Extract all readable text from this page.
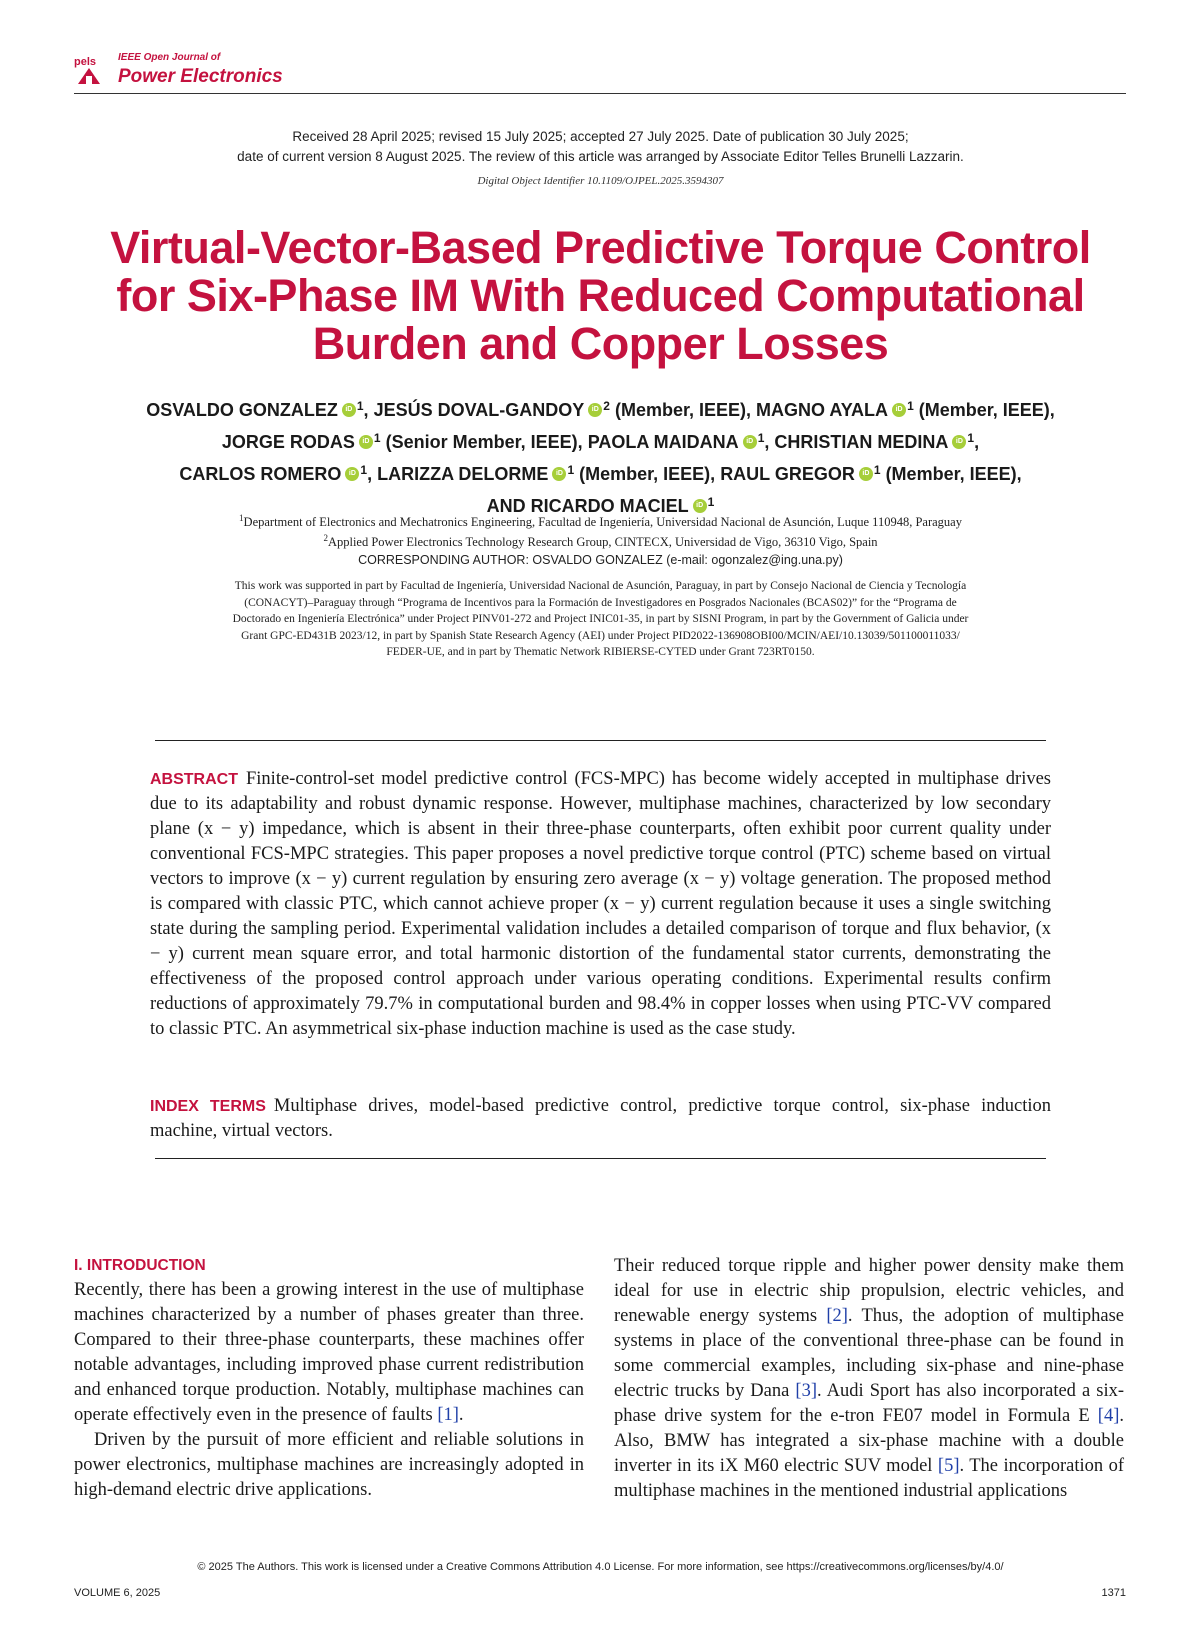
pels IEEE Open Journal of
Power Electronics
Received 28 April 2025; revised 15 July 2025; accepted 27 July 2025. Date of publication 30 July 2025;
date of current version 8 August 2025. The review of this article was arranged by Associate Editor Telles Brunelli Lazzarin.
Digital Object Identifier 10.1109/OJPEL.2025.3594307
Virtual-Vector-Based Predictive Torque Control
for Six-Phase IM With Reduced Computational
Burden and Copper Losses
OSVALDO GONZALEZ iD $^1$, JESÚS DOVAL-GANDOY iD $^2$ (Member, IEEE), MAGNO AYALA iD $^1$ (Member, IEEE),
JORGE RODAS iD $^1$ (Senior Member, IEEE), PAOLA MAIDANA iD $^1$, CHRISTIAN MEDINA iD $^1$,
CARLOS ROMERO iD $^1$, LARIZZA DELORME iD $^1$ (Member, IEEE), RAUL GREGOR iD $^1$ (Member, IEEE),
AND RICARDO MACIEL iD $^1$
$^1$Department of Electronics and Mechatronics Engineering, Facultad de Ingeniería, Universidad Nacional de Asunción, Luque 110948, Paraguay
$^2$Applied Power Electronics Technology Research Group, CINTECX, Universidad de Vigo, 36310 Vigo, Spain
CORRESPONDING AUTHOR: OSVALDO GONZALEZ (e-mail: ogonzalez@ing.una.py)
This work was supported in part by Facultad de Ingeniería, Universidad Nacional de Asunción, Paraguay, in part by Consejo Nacional de Ciencia y Tecnología
(CONACYT)–Paraguay through “Programa de Incentivos para la Formación de Investigadores en Posgrados Nacionales (BCAS02)” for the “Programa de
Doctorado en Ingeniería Electrónica” under Project PINV01-272 and Project INIC01-35, in part by SISNI Program, in part by the Government of Galicia under
Grant GPC-ED431B 2023/12, in part by Spanish State Research Agency (AEI) under Project PID2022-136908OBI00/MCIN/AEI/10.13039/501100011033/
FEDER-UE, and in part by Thematic Network RIBIERSE-CYTED under Grant 723RT0150.
ABSTRACT Finite-control-set model predictive control (FCS-MPC) has become widely accepted in multiphase drives due to its adaptability and robust dynamic response. However, multiphase machines, characterized by low secondary plane (x − y) impedance, which is absent in their three-phase counterparts, often exhibit poor current quality under conventional FCS-MPC strategies. This paper proposes a novel predictive torque control (PTC) scheme based on virtual vectors to improve (x − y) current regulation by ensuring zero average (x − y) voltage generation. The proposed method is compared with classic PTC, which cannot achieve proper (x − y) current regulation because it uses a single switching state during the sampling period. Experimental validation includes a detailed comparison of torque and flux behavior, (x − y) current mean square error, and total harmonic distortion of the fundamental stator currents, demonstrating the effectiveness of the proposed control approach under various operating conditions. Experimental results confirm reductions of approximately 79.7% in computational burden and 98.4% in copper losses when using PTC-VV compared to classic PTC. An asymmetrical six-phase induction machine is used as the case study.
INDEX TERMS Multiphase drives, model-based predictive control, predictive torque control, six-phase induction machine, virtual vectors.
I. INTRODUCTION

Recently, there has been a growing interest in the use of multiphase machines characterized by a number of phases greater than three. Compared to their three-phase counterparts, these machines offer notable advantages, including improved phase current redistribution and enhanced torque production. Notably, multiphase machines can operate effectively even in the presence of faults [1].

Driven by the pursuit of more efficient and reliable solutions in power electronics, multiphase machines are increasingly adopted in high-demand electric drive applications.

Their reduced torque ripple and higher power density make them ideal for use in electric ship propulsion, electric vehicles, and renewable energy systems [2]. Thus, the adoption of multiphase systems in place of the conventional three-phase can be found in some commercial examples, including six-phase and nine-phase electric trucks by Dana [3]. Audi Sport has also incorporated a six-phase drive system for the e-tron FE07 model in Formula E [4]. Also, BMW has integrated a six-phase machine with a double inverter in its iX M60 electric SUV model [5]. The incorporation of multiphase machines in the mentioned industrial applications

© 2025 The Authors. This work is licensed under a Creative Commons Attribution 4.0 License. For more information, see https://creativecommons.org/licenses/by/4.0/
VOLUME 6, 2025	1371
